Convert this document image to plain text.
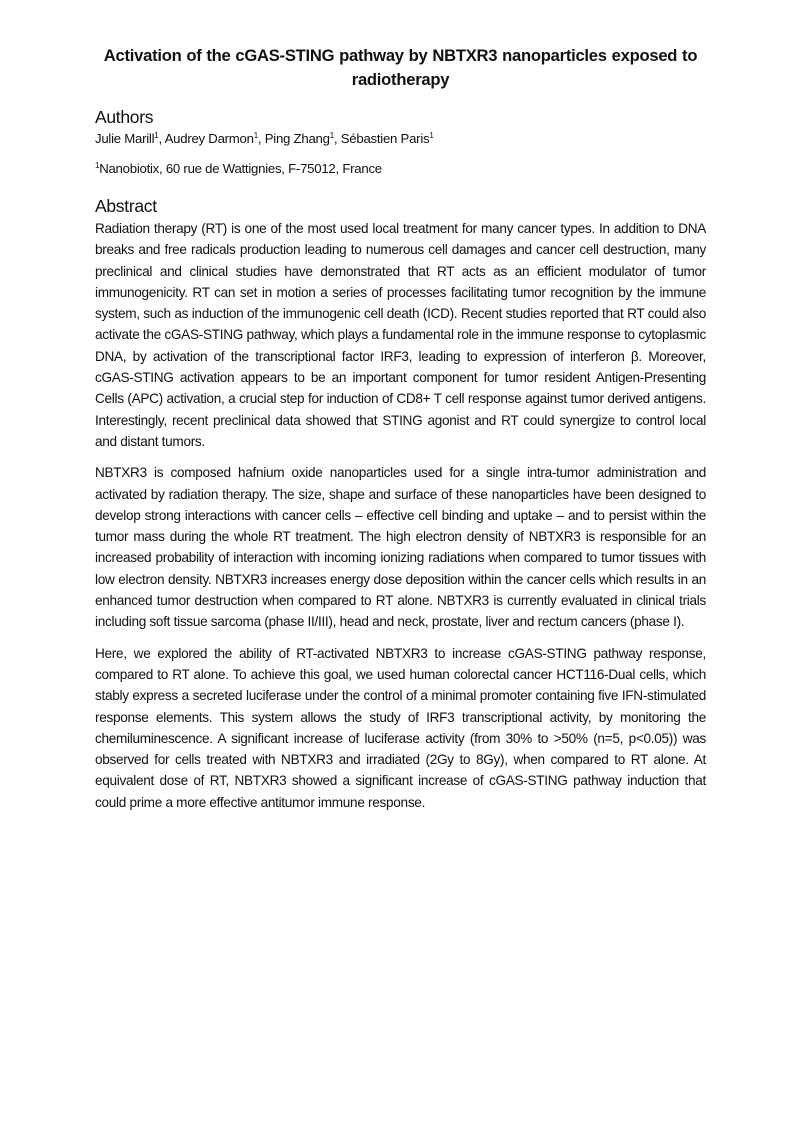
Activation of the cGAS-STING pathway by NBTXR3 nanoparticles exposed to radiotherapy
Authors

Julie Marill$^1$, Audrey Darmon$^1$, Ping Zhang$^1$, Sébastien Paris$^1$

$^1$Nanobiotix, 60 rue de Wattignies, F-75012, France

Abstract

Radiation therapy (RT) is one of the most used local treatment for many cancer types. In addition to DNA breaks and free radicals production leading to numerous cell damages and cancer cell destruction, many preclinical and clinical studies have demonstrated that RT acts as an efficient modulator of tumor immunogenicity. RT can set in motion a series of processes facilitating tumor recognition by the immune system, such as induction of the immunogenic cell death (ICD). Recent studies reported that RT could also activate the cGAS-STING pathway, which plays a fundamental role in the immune response to cytoplasmic DNA, by activation of the transcriptional factor IRF3, leading to expression of interferon β. Moreover, cGAS-STING activation appears to be an important component for tumor resident Antigen-Presenting Cells (APC) activation, a crucial step for induction of CD8+ T cell response against tumor derived antigens. Interestingly, recent preclinical data showed that STING agonist and RT could synergize to control local and distant tumors.

NBTXR3 is composed hafnium oxide nanoparticles used for a single intra-tumor administration and activated by radiation therapy. The size, shape and surface of these nanoparticles have been designed to develop strong interactions with cancer cells – effective cell binding and uptake – and to persist within the tumor mass during the whole RT treatment. The high electron density of NBTXR3 is responsible for an increased probability of interaction with incoming ionizing radiations when compared to tumor tissues with low electron density. NBTXR3 increases energy dose deposition within the cancer cells which results in an enhanced tumor destruction when compared to RT alone. NBTXR3 is currently evaluated in clinical trials including soft tissue sarcoma (phase II/III), head and neck, prostate, liver and rectum cancers (phase I).

Here, we explored the ability of RT-activated NBTXR3 to increase cGAS-STING pathway response, compared to RT alone. To achieve this goal, we used human colorectal cancer HCT116-Dual cells, which stably express a secreted luciferase under the control of a minimal promoter containing five IFN-stimulated response elements. This system allows the study of IRF3 transcriptional activity, by monitoring the chemiluminescence. A significant increase of luciferase activity (from 30% to >50% (n=5, p<0.05)) was observed for cells treated with NBTXR3 and irradiated (2Gy to 8Gy), when compared to RT alone. At equivalent dose of RT, NBTXR3 showed a significant increase of cGAS-STING pathway induction that could prime a more effective antitumor immune response.
